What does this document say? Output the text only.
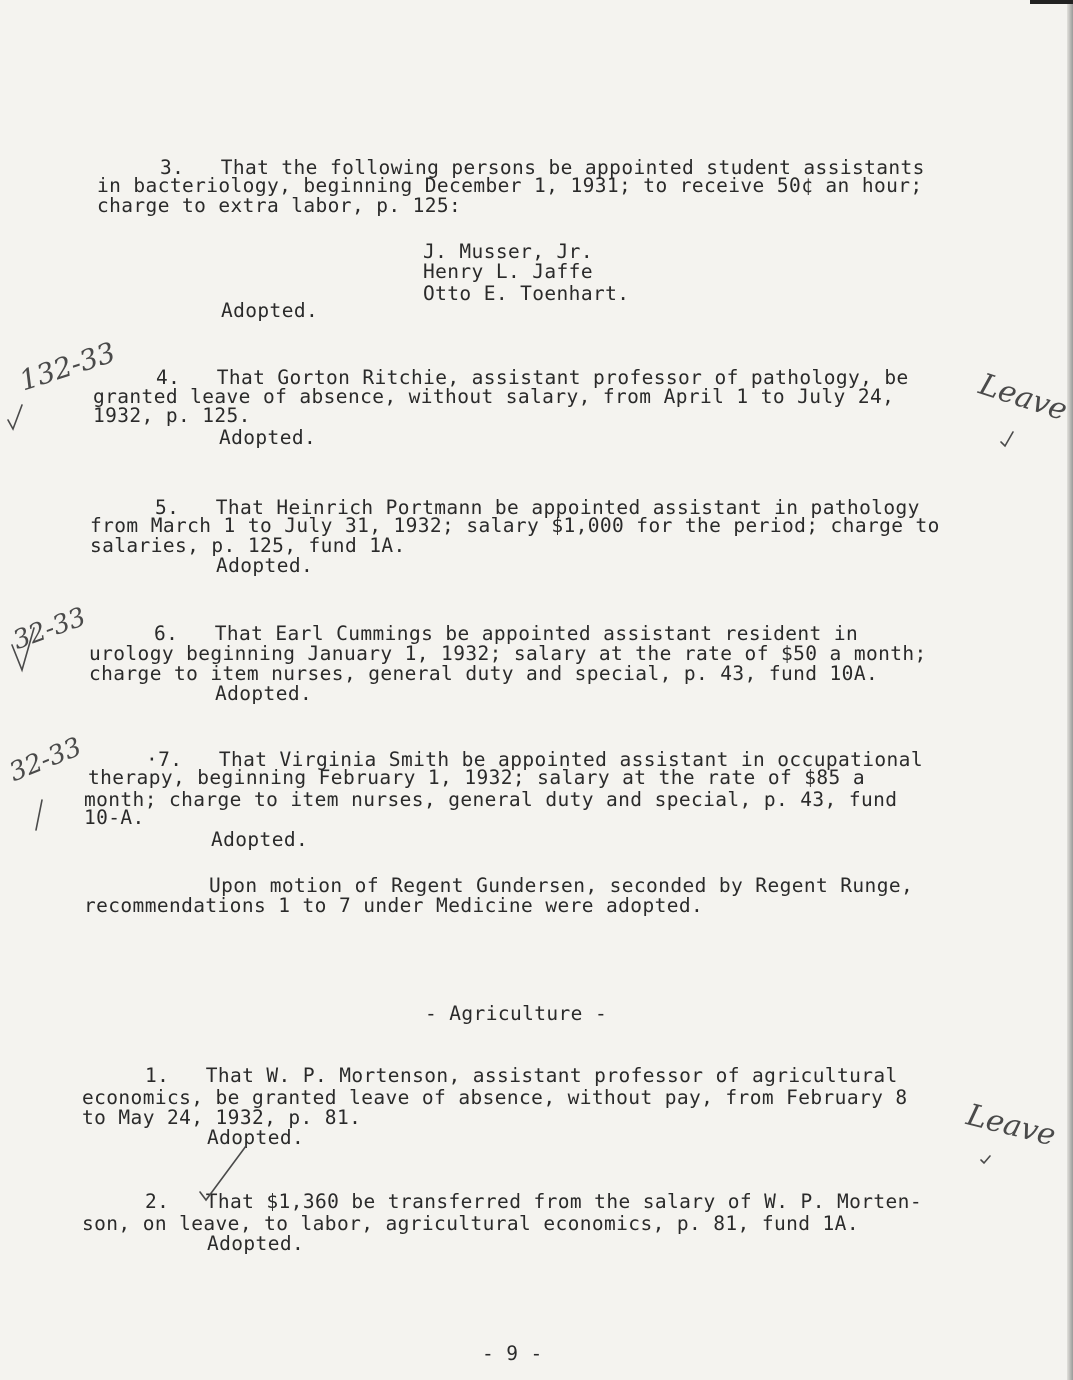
3.   That the following persons be appointed student assistants
in bacteriology, beginning December 1, 1931; to receive 50¢ an hour;
charge to extra labor, p. 125:
J. Musser, Jr.
Henry L. Jaffe
Otto E. Toenhart.
Adopted.
4.   That Gorton Ritchie, assistant professor of pathology, be
granted leave of absence, without salary, from April 1 to July 24,
1932, p. 125.
Adopted.
132-33
Leave
5.   That Heinrich Portmann be appointed assistant in pathology
from March 1 to July 31, 1932; salary $1,000 for the period; charge to
salaries, p. 125, fund 1A.
Adopted.
6.   That Earl Cummings be appointed assistant resident in
urology beginning January 1, 1932; salary at the rate of $50 a month;
charge to item nurses, general duty and special, p. 43, fund 10A.
Adopted.
32-33
·7.   That Virginia Smith be appointed assistant in occupational
therapy, beginning February 1, 1932; salary at the rate of $85 a
month; charge to item nurses, general duty and special, p. 43, fund
10-A.
Adopted.
32-33
Upon motion of Regent Gundersen, seconded by Regent Runge,
recommendations 1 to 7 under Medicine were adopted.
- Agriculture -
1.   That W. P. Mortenson, assistant professor of agricultural
economics, be granted leave of absence, without pay, from February 8
to May 24, 1932, p. 81.
Adopted.	Leave
2.   That $1,360 be transferred from the salary of W. P. Morten-
son, on leave, to labor, agricultural economics, p. 81, fund 1A.
Adopted.
- 9 -
